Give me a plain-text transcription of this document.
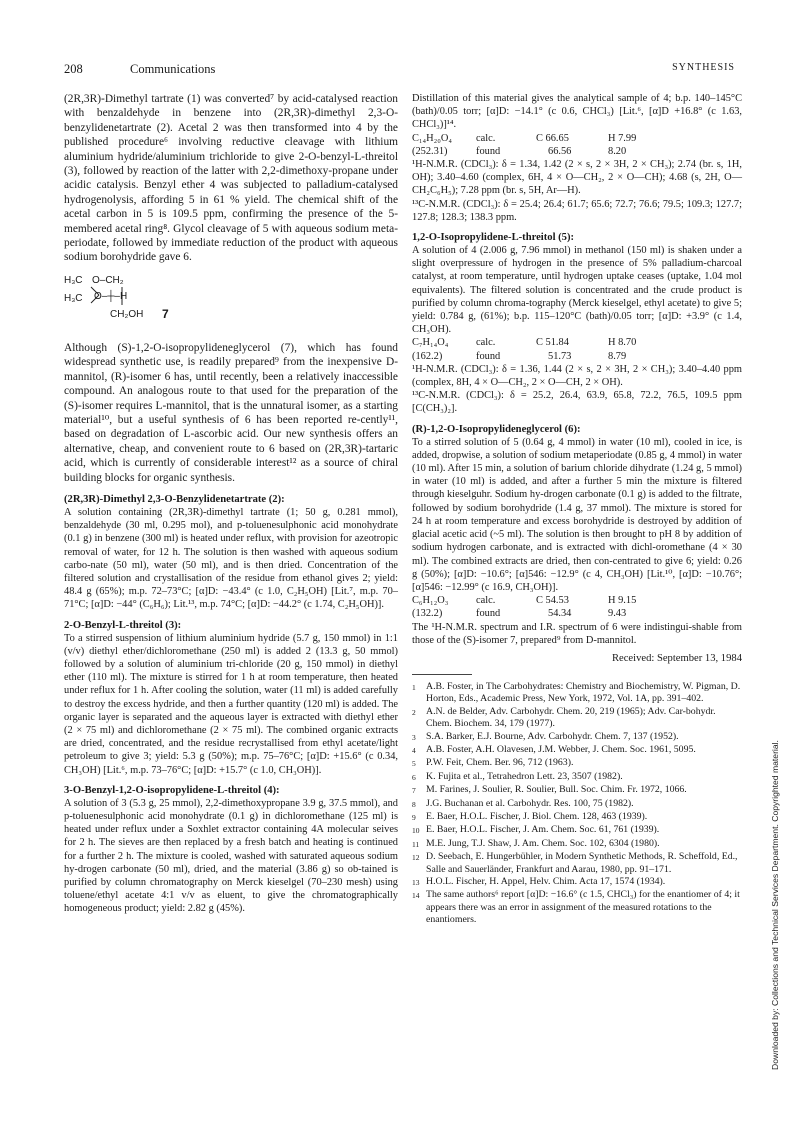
208	Communications	SYNTHESIS

(2R,3R)-Dimethyl tartrate (1) was converted⁷ by acid-catalysed reaction with benzaldehyde in benzene into (2R,3R)-dimethyl 2,3-O-benzylidenetartrate (2). Acetal 2 was then transformed into 4 by the published procedure⁶ involving reductive cleavage with lithium aluminium hydride/aluminium trichloride to give 2-O-benzyl-L-threitol (3), followed by reaction of the latter with 2,2-dimethoxy-propane under acidic catalysis. Benzyl ether 4 was subjected to palladium-catalysed hydrogenolysis, affording 5 in 61 % yield. The chemical shift of the acetal carbon in 5 is 109.5 ppm, confirming the presence of the 5-membered acetal ring⁸. Glycol cleavage of 5 with aqueous sodium meta-periodate, followed by immediate reduction of the product with aqueous sodium borohydride gave 6.

H₃C O–CH₂
H₃C O–┼–H
CH₂OH 7

Although (S)-1,2-O-isopropylideneglycerol (7), which has found widespread synthetic use, is readily prepared⁹ from the inexpensive D-mannitol, (R)-isomer 6 has, until recently, been a relatively inaccessible compound. An analogous route to that used for the preparation of the (S)-isomer requires L-mannitol, that is the unnatural isomer, as a starting material¹⁰, but a useful synthesis of 6 has been reported re-cently¹¹, based on degradation of L-ascorbic acid. Our new synthesis offers an alternative, cheap, and convenient route to 6 based on (2R,3R)-tartaric acid, which is currently of considerable interest¹² as a source of chiral building blocks for organic synthesis.

(2R,3R)-Dimethyl 2,3-O-Benzylidenetartrate (2):

A solution containing (2R,3R)-dimethyl tartrate (1; 50 g, 0.281 mmol), benzaldehyde (30 ml, 0.295 mol), and p-toluenesulphonic acid monohydrate (0.1 g) in benzene (300 ml) is heated under reflux, with provision for azeotropic removal of water, for 12 h. The solution is then washed with aqueous sodium carbo-nate (50 ml), water (50 ml), and is then dried. Concentration of the filtered solution and crystallisation of the residue from ethanol gives 2; yield: 48.4 g (65%); m.p. 72–73°C; [α]D: −43.4° (c 1.0, C₂H₅OH) [Lit.⁷, m.p. 70–71°C; [α]D: −44° (C₆H₆); Lit.¹³, m.p. 74°C; [α]D: −44.2° (c 1.74, C₂H₅OH)].

2-O-Benzyl-L-threitol (3):

To a stirred suspension of lithium aluminium hydride (5.7 g, 150 mmol) in 1:1 (v/v) diethyl ether/dichloromethane (250 ml) is added 2 (13.3 g, 50 mmol) followed by a solution of aluminium tri-chloride (20 g, 150 mmol) in diethyl ether (110 ml). The mixture is stirred for 1 h at room temperature, then heated under reflux for 1 h. After cooling the solution, water (11 ml) is added carefully to destroy the excess hydride, and then a further quantity (120 ml) is added. The organic layer is separated and the aqueous layer is extracted with diethyl ether (2 × 75 ml) and dichloromethane (2 × 75 ml). The combined organic extracts are dried, concentrated, and the residue recrystallised from ethyl acetate/light petroleum to give 3; yield: 5.3 g (50%); m.p. 75–76°C; [α]D: +15.6° (c 0.34, CH₃OH) [Lit.⁶, m.p. 73–76°C; [α]D: +15.7° (c 1.0, CH₃OH)].

3-O-Benzyl-1,2-O-isopropylidene-L-threitol (4):

A solution of 3 (5.3 g, 25 mmol), 2,2-dimethoxypropane 3.9 g, 37.5 mmol), and p-toluenesulphonic acid monohydrate (0.1 g) in dichloromethane (125 ml) is heated under reflux under a Soxhlet extractor containing 4A molecular seives for 2 h. The sieves are then replaced by a fresh batch and heating is continued for a further 2 h. The mixture is cooled, washed with saturated aqueous sodium hy-drogen carbonate (50 ml), dried, and the material (3.86 g) so ob-tained is purified by column chromatography on Merck kieselgel (70–230 mesh) using toluene/ethyl acetate 4:1 v/v as eluent, to give the chromatographically homogeneous product; yield: 2.82 g (45%).

Distillation of this material gives the analytical sample of 4; b.p. 140–145°C (bath)/0.05 torr; [α]D: −14.1° (c 0.6, CHCl₃) [Lit.⁶, [α]D +16.8° (c 1.63, CHCl₃)]¹⁴.

C₁₄H₂₀O₄	calc.	C 66.65	H 7.99
(252.31)	found	66.56	8.20

¹H-N.M.R. (CDCl₃): δ = 1.34, 1.42 (2 × s, 2 × 3H, 2 × CH₃); 2.74 (br. s, 1H, OH); 3.40–4.60 (complex, 6H, 4 × O—CH₂, 2 × O—CH); 4.68 (s, 2H, O—CH₂C₆H₅); 7.28 ppm (br. s, 5H, Ar—H).

¹³C-N.M.R. (CDCl₃): δ = 25.4; 26.4; 61.7; 65.6; 72.7; 76.6; 79.5; 109.3; 127.7; 127.8; 128.3; 138.3 ppm.

1,2-O-Isopropylidene-L-threitol (5):

A solution of 4 (2.006 g, 7.96 mmol) in methanol (150 ml) is shaken under a slight overpressure of hydrogen in the presence of 5% palladium-charcoal catalyst, at room temperature, until hydrogen uptake ceases (uptake, 1.04 mol equivalents). The filtered solution is concentrated and the crude product is purified by column chroma-tography (Merck kieselgel, ethyl acetate) to give 5; yield: 0.784 g, (61%); b.p. 115–120°C (bath)/0.05 torr; [α]D: +3.9° (c 1.4, CH₃OH).

C₇H₁₄O₄	calc.	C 51.84	H 8.70
(162.2)	found	51.73	8.79

¹H-N.M.R. (CDCl₃): δ = 1.36, 1.44 (2 × s, 2 × 3H, 2 × CH₃); 3.40–4.40 ppm (complex, 8H, 4 × O—CH₂, 2 × O—CH, 2 × OH).

¹³C-N.M.R. (CDCl₃): δ = 25.2, 26.4, 63.9, 65.8, 72.2, 76.5, 109.5 ppm [C(CH₃)₂].

(R)-1,2-O-Isopropylideneglycerol (6):

To a stirred solution of 5 (0.64 g, 4 mmol) in water (10 ml), cooled in ice, is added, dropwise, a solution of sodium metaperiodate (0.85 g, 4 mmol) in water (10 ml). After 15 min, a solution of barium chloride dihydrate (1.24 g, 5 mmol) in water (10 ml) is added, and after a further 5 min the mixture is filtered through kieselguhr. Sodium hy-drogen carbonate (0.1 g) is added to the filtrate, followed by sodium borohydride (1.4 g, 37 mmol). The mixture is stored for 24 h at room temperature and excess borohydride is destroyed by addition of glacial acetic acid (~5 ml). The solution is then brought to pH 8 by addition of sodium hydrogen carbonate, and is extracted with dichl-oromethane (4 × 30 ml). The combined extracts are dried, then con-centrated to give 6; yield: 0.26 g (50%); [α]D: −10.6°; [α]546: −12.9° (c 4, CH₃OH) [Lit.¹⁰, [α]D: −10.76°; [α]546: −12.99° (c 16.9, CH₃OH)].

C₆H₁₂O₃	calc.	C 54.53	H 9.15
(132.2)	found	54.34	9.43

The ¹H-N.M.R. spectrum and I.R. spectrum of 6 were indistingui-shable from those of the (S)-isomer 7, prepared⁹ from D-mannitol.

Received: September 13, 1984
1	A.B. Foster, in The Carbohydrates: Chemistry and Biochemistry, W. Pigman, D. Horton, Eds., Academic Press, New York, 1972, Vol. 1A, pp. 391–402.
2	A.N. de Belder, Adv. Carbohydr. Chem. 20, 219 (1965); Adv. Car-bohydr. Chem. Biochem. 34, 179 (1977).
3	S.A. Barker, E.J. Bourne, Adv. Carbohydr. Chem. 7, 137 (1952).
4	A.B. Foster, A.H. Olavesen, J.M. Webber, J. Chem. Soc. 1961, 5095.
5	P.W. Feit, Chem. Ber. 96, 712 (1963).
6	K. Fujita et al., Tetrahedron Lett. 23, 3507 (1982).
7	M. Farines, J. Soulier, R. Soulier, Bull. Soc. Chim. Fr. 1972, 1066.
8	J.G. Buchanan et al. Carbohydr. Res. 100, 75 (1982).
9	E. Baer, H.O.L. Fischer, J. Biol. Chem. 128, 463 (1939).
10 E. Baer, H.O.L. Fischer, J. Am. Chem. Soc. 61, 761 (1939).
11 M.E. Jung, T.J. Shaw, J. Am. Chem. Soc. 102, 6304 (1980).
12 D. Seebach, E. Hungerbühler, in Modern Synthetic Methods, R. Scheffold, Ed., Salle and Sauerländer, Frankfurt and Aarau, 1980, pp. 91–171.
13 H.O.L. Fischer, H. Appel, Helv. Chim. Acta 17, 1574 (1934).
14 The same authors⁶ report [α]D: −16.6° (c 1.5, CHCl₃) for the enantiomer of 4; it appears there was an error in assignment of the measured rotations to the enantiomers.	Downloaded by: Collections and Technical Services Department. Copyrighted material.
